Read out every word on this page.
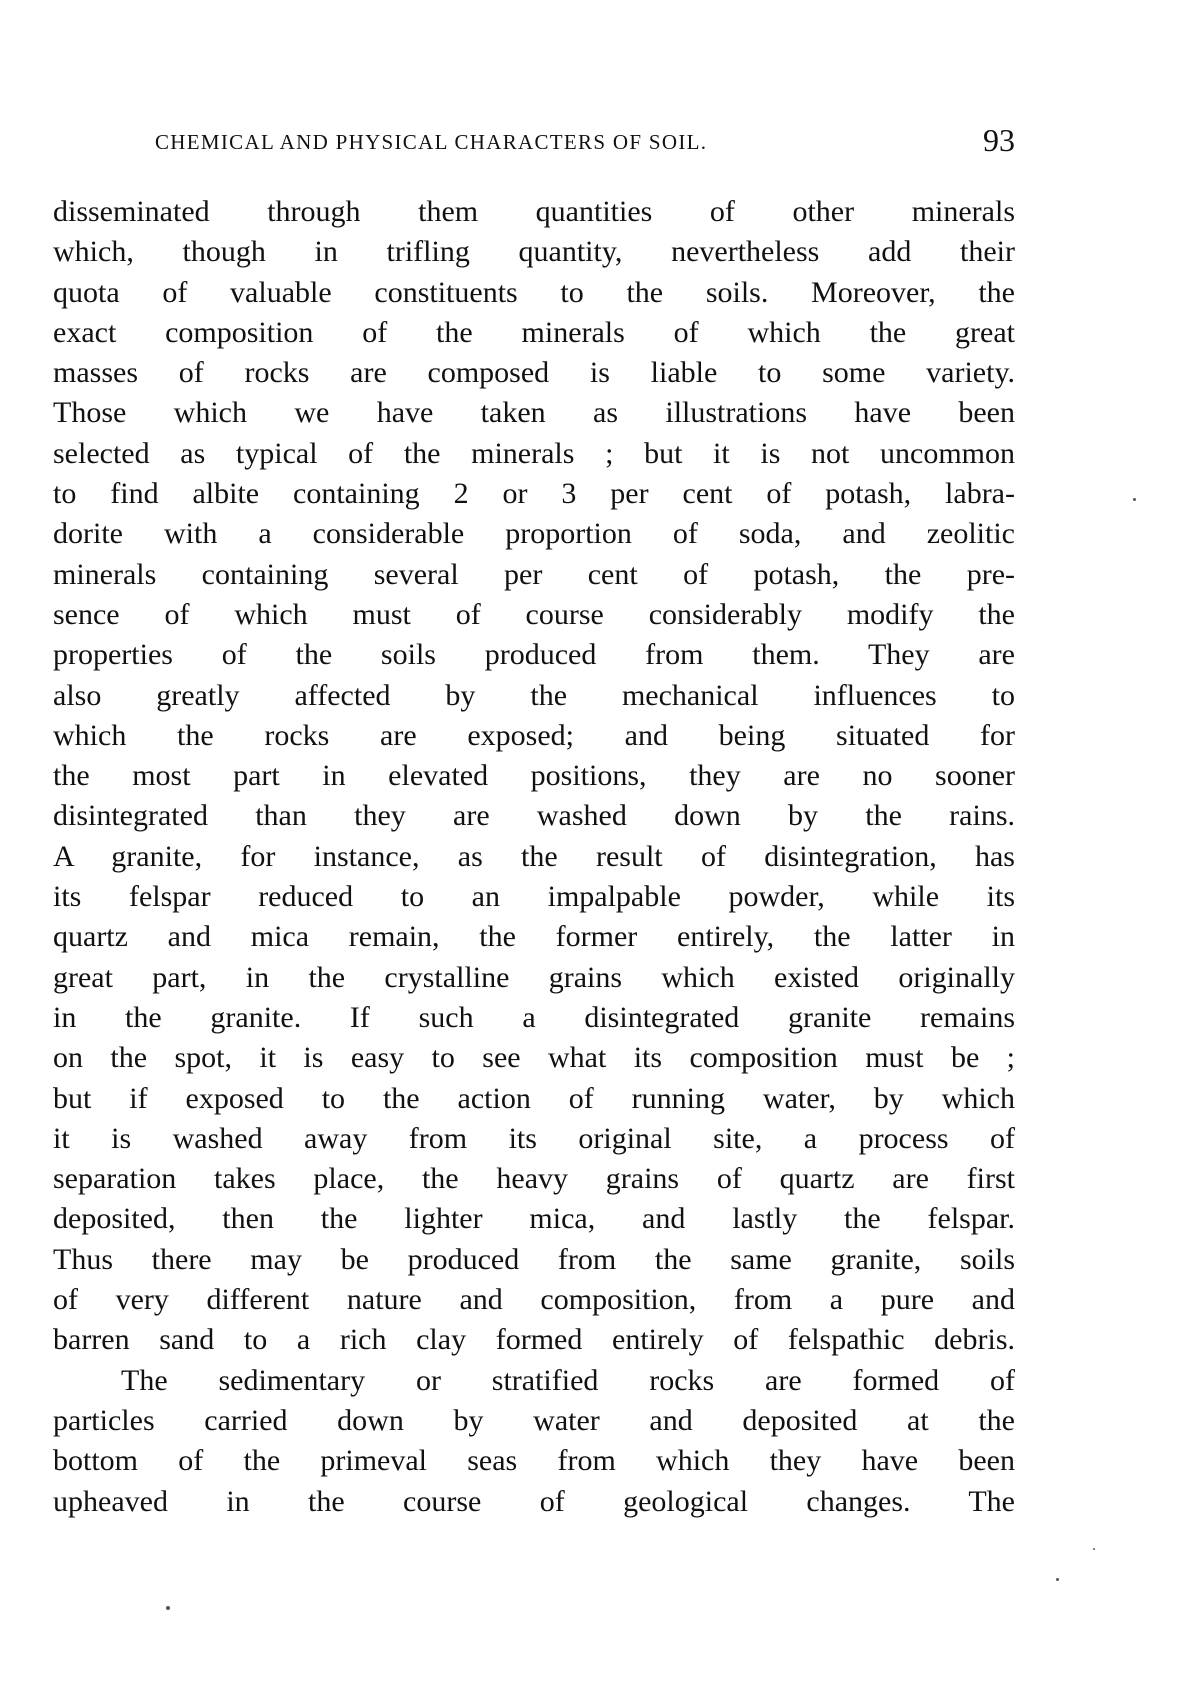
CHEMICAL AND PHYSICAL CHARACTERS OF SOIL.	93
disseminated through them quantities of other minerals
which, though in trifling quantity, nevertheless add their
quota of valuable constituents to the soils. Moreover, the
exact composition of the minerals of which the great
masses of rocks are composed is liable to some variety.
Those which we have taken as illustrations have been
selected as typical of the minerals ; but it is not uncommon
to find albite containing 2 or 3 per cent of potash, labra-
dorite with a considerable proportion of soda, and zeolitic
minerals containing several per cent of potash, the pre-
sence of which must of course considerably modify the
properties of the soils produced from them. They are
also greatly affected by the mechanical influences to
which the rocks are exposed; and being situated for
the most part in elevated positions, they are no sooner
disintegrated than they are washed down by the rains.
A granite, for instance, as the result of disintegration, has
its felspar reduced to an impalpable powder, while its
quartz and mica remain, the former entirely, the latter in
great part, in the crystalline grains which existed originally
in the granite. If such a disintegrated granite remains
on the spot, it is easy to see what its composition must be ;
but if exposed to the action of running water, by which
it is washed away from its original site, a process of
separation takes place, the heavy grains of quartz are first
deposited, then the lighter mica, and lastly the felspar.
Thus there may be produced from the same granite, soils
of very different nature and composition, from a pure and
barren sand to a rich clay formed entirely of felspathic debris.
The sedimentary or stratified rocks are formed of
particles carried down by water and deposited at the
bottom of the primeval seas from which they have been
upheaved in the course of geological changes. The
